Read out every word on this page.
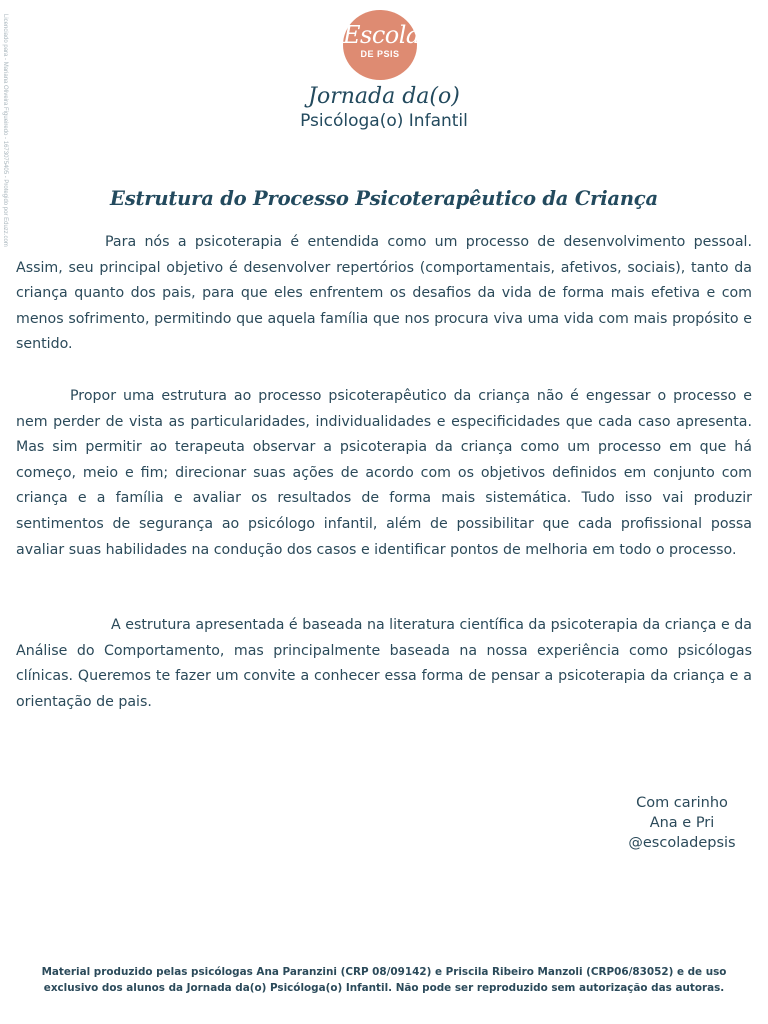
Licenciado para - Mariana Oliveira Figueiredo - 1673075405 - Protegido por Eduzz.com	Escola
DE PSIS
Jornada da(o)
Psicóloga(o) Infantil
Estrutura do Processo Psicoterapêutico da Criança

Para nós a psicoterapia é entendida como um processo de desenvolvimento pessoal. Assim, seu principal objetivo é desenvolver repertórios (comportamentais, afetivos, sociais), tanto da criança quanto dos pais, para que eles enfrentem os desafios da vida de forma mais efetiva e com menos sofrimento, permitindo que aquela família que nos procura viva uma vida com mais propósito e sentido.

Propor uma estrutura ao processo psicoterapêutico da criança não é engessar o processo e nem perder de vista as particularidades, individualidades e especificidades que cada caso apresenta. Mas sim permitir ao terapeuta observar a psicoterapia da criança como um processo em que há começo, meio e fim; direcionar suas ações de acordo com os objetivos definidos em conjunto com criança e a família e avaliar os resultados de forma mais sistemática. Tudo isso vai produzir sentimentos de segurança ao psicólogo infantil, além de possibilitar que cada profissional possa avaliar suas habilidades na condução dos casos e identificar pontos de melhoria em todo o processo.

A estrutura apresentada é baseada na literatura científica da psicoterapia da criança e da Análise do Comportamento, mas principalmente baseada na nossa experiência como psicólogas clínicas. Queremos te fazer um convite a conhecer essa forma de pensar a psicoterapia da criança e a orientação de pais.

Com carinho
Ana e Pri
@escoladepsis
Material produzido pelas psicólogas Ana Paranzini (CRP 08/09142) e Priscila Ribeiro Manzoli (CRP06/83052) e de uso
exclusivo dos alunos da Jornada da(o) Psicóloga(o) Infantil. Não pode ser reproduzido sem autorização das autoras.
